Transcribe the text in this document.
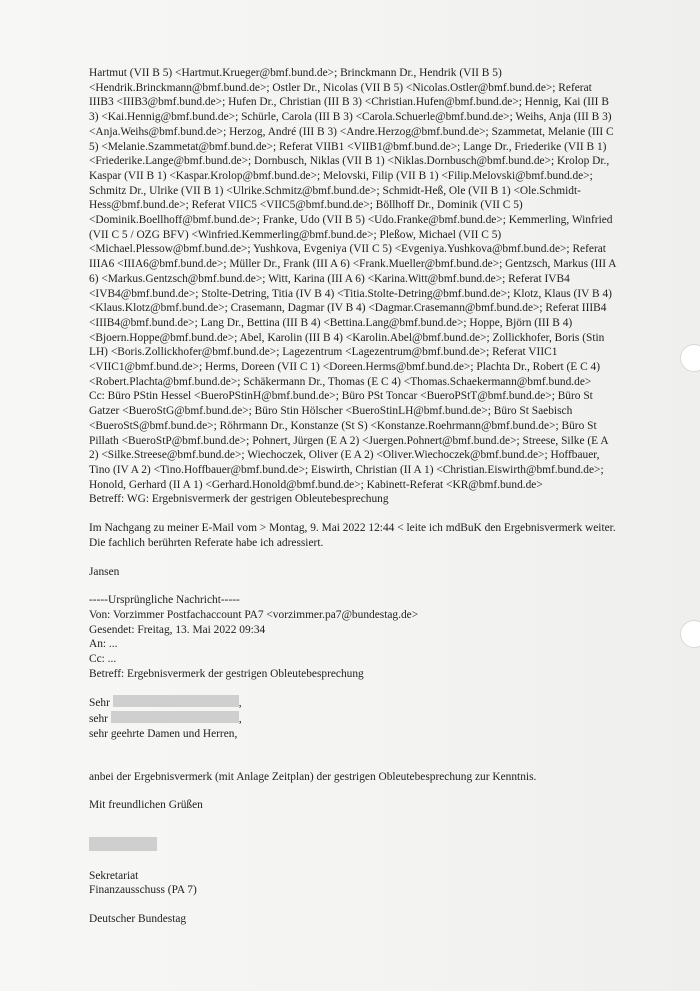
Hartmut (VII B 5) <Hartmut.Krueger@bmf.bund.de>; Brinckmann Dr., Hendrik (VII B 5) <Hendrik.Brinckmann@bmf.bund.de>; Ostler Dr., Nicolas (VII B 5) <Nicolas.Ostler@bmf.bund.de>; Referat IIIB3 <IIIB3@bmf.bund.de>; Hufen Dr., Christian (III B 3) <Christian.Hufen@bmf.bund.de>; Hennig, Kai (III B 3) <Kai.Hennig@bmf.bund.de>; Schürle, Carola (III B 3) <Carola.Schuerle@bmf.bund.de>; Weihs, Anja (III B 3) <Anja.Weihs@bmf.bund.de>; Herzog, André (III B 3) <Andre.Herzog@bmf.bund.de>; Szammetat, Melanie (III C 5) <Melanie.Szammetat@bmf.bund.de>; Referat VIIB1 <VIIB1@bmf.bund.de>; Lange Dr., Friederike (VII B 1) <Friederike.Lange@bmf.bund.de>; Dornbusch, Niklas (VII B 1) <Niklas.Dornbusch@bmf.bund.de>; Krolop Dr., Kaspar (VII B 1) <Kaspar.Krolop@bmf.bund.de>; Melovski, Filip (VII B 1) <Filip.Melovski@bmf.bund.de>; Schmitz Dr., Ulrike (VII B 1) <Ulrike.Schmitz@bmf.bund.de>; Schmidt-Heß, Ole (VII B 1) <Ole.Schmidt-Hess@bmf.bund.de>; Referat VIIC5 <VIIC5@bmf.bund.de>; Böllhoff Dr., Dominik (VII C 5) <Dominik.Boellhoff@bmf.bund.de>; Franke, Udo (VII B 5) <Udo.Franke@bmf.bund.de>; Kemmerling, Winfried (VII C 5 / OZG BFV) <Winfried.Kemmerling@bmf.bund.de>; Pleßow, Michael (VII C 5) <Michael.Plessow@bmf.bund.de>; Yushkova, Evgeniya (VII C 5) <Evgeniya.Yushkova@bmf.bund.de>; Referat IIIA6 <IIIA6@bmf.bund.de>; Müller Dr., Frank (III A 6) <Frank.Mueller@bmf.bund.de>; Gentzsch, Markus (III A 6) <Markus.Gentzsch@bmf.bund.de>; Witt, Karina (III A 6) <Karina.Witt@bmf.bund.de>; Referat IVB4 <IVB4@bmf.bund.de>; Stolte-Detring, Titia (IV B 4) <Titia.Stolte-Detring@bmf.bund.de>; Klotz, Klaus (IV B 4) <Klaus.Klotz@bmf.bund.de>; Crasemann, Dagmar (IV B 4) <Dagmar.Crasemann@bmf.bund.de>; Referat IIIB4 <IIIB4@bmf.bund.de>; Lang Dr., Bettina (III B 4) <Bettina.Lang@bmf.bund.de>; Hoppe, Björn (III B 4) <Bjoern.Hoppe@bmf.bund.de>; Abel, Karolin (III B 4) <Karolin.Abel@bmf.bund.de>; Zollickhofer, Boris (Stin LH) <Boris.Zollickhofer@bmf.bund.de>; Lagezentrum <Lagezentrum@bmf.bund.de>; Referat VIIC1 <VIIC1@bmf.bund.de>; Herms, Doreen (VII C 1) <Doreen.Herms@bmf.bund.de>; Plachta Dr., Robert (E C 4) <Robert.Plachta@bmf.bund.de>; Schäkermann Dr., Thomas (E C 4) <Thomas.Schaekermann@bmf.bund.de>
Cc: Büro PStin Hessel <BueroPStinH@bmf.bund.de>; Büro PSt Toncar <BueroPStT@bmf.bund.de>; Büro St Gatzer <BueroStG@bmf.bund.de>; Büro Stin Hölscher <BueroStinLH@bmf.bund.de>; Büro St Saebisch <BueroStS@bmf.bund.de>; Röhrmann Dr., Konstanze (St S) <Konstanze.Roehrmann@bmf.bund.de>; Büro St Pillath <BueroStP@bmf.bund.de>; Pohnert, Jürgen (E A 2) <Juergen.Pohnert@bmf.bund.de>; Streese, Silke (E A 2) <Silke.Streese@bmf.bund.de>; Wiechoczek, Oliver (E A 2) <Oliver.Wiechoczek@bmf.bund.de>; Hoffbauer, Tino (IV A 2) <Tino.Hoffbauer@bmf.bund.de>; Eiswirth, Christian (II A 1) <Christian.Eiswirth@bmf.bund.de>; Honold, Gerhard (II A 1) <Gerhard.Honold@bmf.bund.de>; Kabinett-Referat <KR@bmf.bund.de>
Betreff: WG: Ergebnisvermerk der gestrigen Obleutebesprechung
Im Nachgang zu meiner E-Mail vom > Montag, 9. Mai 2022 12:44 < leite ich mdBuK den Ergebnisvermerk weiter. Die fachlich berührten Referate habe ich adressiert.
Jansen
-----Ursprüngliche Nachricht-----
Von: Vorzimmer Postfachaccount PA7 <vorzimmer.pa7@bundestag.de>
Gesendet: Freitag, 13. Mai 2022 09:34
An: ...
Cc: ...
Betreff: Ergebnisvermerk der gestrigen Obleutebesprechung
Sehr	,
sehr	,
sehr geehrte Damen und Herren,
anbei der Ergebnisvermerk (mit Anlage Zeitplan) der gestrigen Obleutebesprechung zur Kenntnis.
Mit freundlichen Grüßen
Sekretariat
Finanzausschuss (PA 7)
Deutscher Bundestag
